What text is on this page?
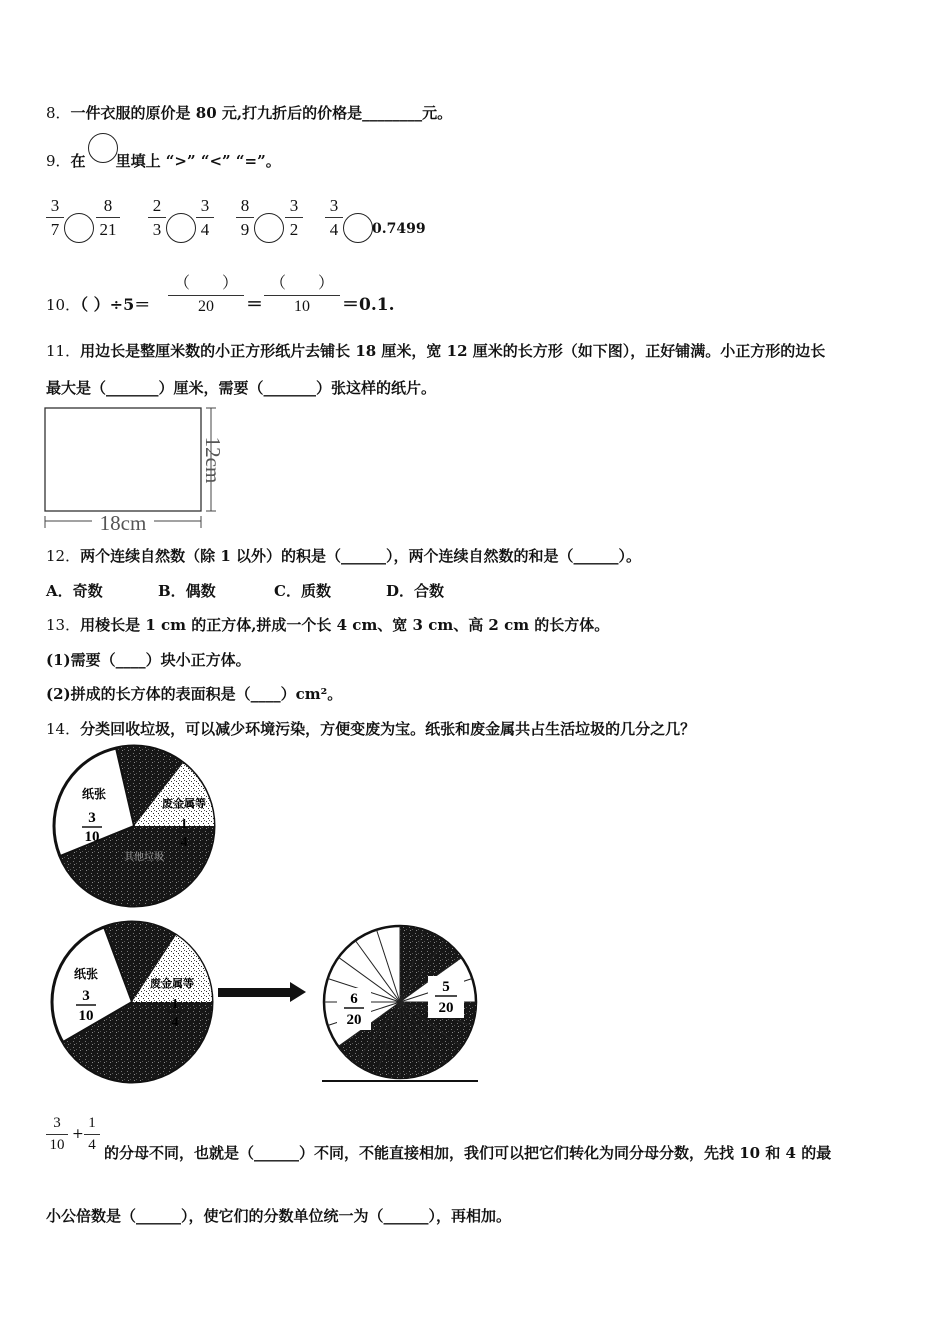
8．一件衣服的原价是 80 元,打九折后的价格是________元。
9．在 里填上 “>” “<” “=”。
$\frac{3}{7} \frac{8}{21} \frac{2}{3} \frac{3}{4} \frac{8}{9} \frac{3}{2} \frac{3}{4} 0.7499$
10．（ ）÷5＝
（　　）
20	＝
（　　）
10	＝0.1.
11．用边长是整厘米数的小正方形纸片去铺长 18 厘米，宽 12 厘米的长方形（如下图），正好铺满。小正方形的边长
最大是（_______）厘米，需要（_______）张这样的纸片。
12cm
18cm
12．两个连续自然数（除 1 以外）的积是（______），两个连续自然数的和是（______）。
A．奇数	B．偶数	C．质数	D．合数
13．用棱长是 1 cm 的正方体,拼成一个长 4 cm、宽 3 cm、高 2 cm 的长方体。
(1)需要（____）块小正方体。
(2)拼成的长方体的表面积是（____）cm²。
14．分类回收垃圾，可以减少环境污染，方便变废为宝。纸张和废金属共占生活垃圾的几分之几？
纸张
3
10
废金属等
1
4
其他垃圾
纸张
3
10
废金属等
1
4
6
20
5
20
$\frac{3}{10} + \frac{1}{4}$ 的分母不同，也就是（______）不同，不能直接相加，我们可以把它们转化为同分母分数，先找 10 和 4 的最
小公倍数是（______），使它们的分数单位统一为（______），再相加。
